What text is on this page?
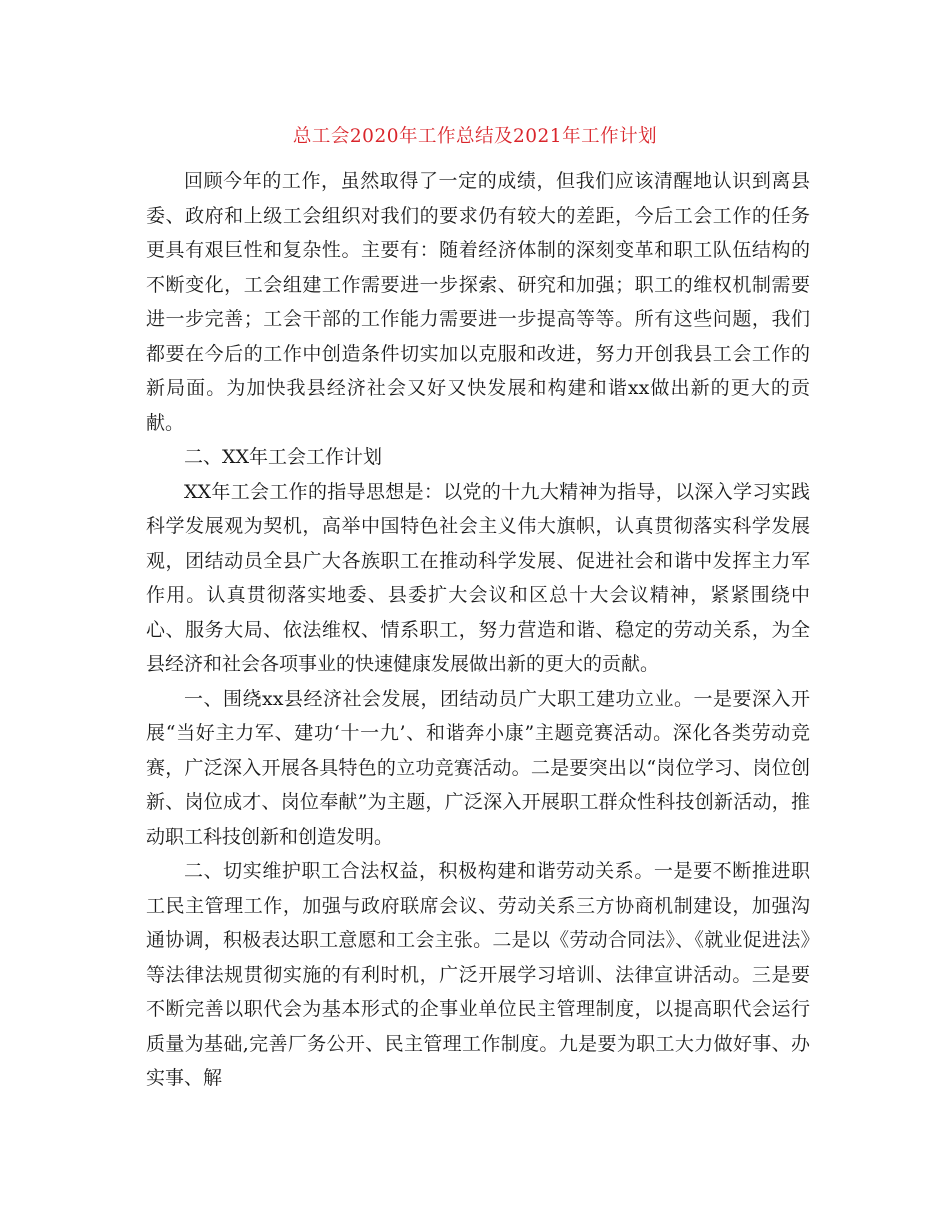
总工会2020年工作总结及2021年工作计划

回顾今年的工作，虽然取得了一定的成绩，但我们应该清醒地认识到离县委、政府和上级工会组织对我们的要求仍有较大的差距，今后工会工作的任务更具有艰巨性和复杂性。主要有：随着经济体制的深刻变革和职工队伍结构的不断变化，工会组建工作需要进一步探索、研究和加强；职工的维权机制需要进一步完善；工会干部的工作能力需要进一步提高等等。所有这些问题，我们都要在今后的工作中创造条件切实加以克服和改进，努力开创我县工会工作的新局面。为加快我县经济社会又好又快发展和构建和谐xx做出新的更大的贡献。

二、XX年工会工作计划

XX年工会工作的指导思想是：以党的十九大精神为指导，以深入学习实践科学发展观为契机，高举中国特色社会主义伟大旗帜，认真贯彻落实科学发展观，团结动员全县广大各族职工在推动科学发展、促进社会和谐中发挥主力军作用。认真贯彻落实地委、县委扩大会议和区总十大会议精神，紧紧围绕中心、服务大局、依法维权、情系职工，努力营造和谐、稳定的劳动关系，为全县经济和社会各项事业的快速健康发展做出新的更大的贡献。

一、围绕xx县经济社会发展，团结动员广大职工建功立业。一是要深入开展“当好主力军、建功‘十一九’、和谐奔小康”主题竞赛活动。深化各类劳动竞赛，广泛深入开展各具特色的立功竞赛活动。二是要突出以“岗位学习、岗位创新、岗位成才、岗位奉献”为主题，广泛深入开展职工群众性科技创新活动，推动职工科技创新和创造发明。

二、切实维护职工合法权益，积极构建和谐劳动关系。一是要不断推进职工民主管理工作，加强与政府联席会议、劳动关系三方协商机制建设，加强沟通协调，积极表达职工意愿和工会主张。二是以《劳动合同法》、《就业促进法》等法律法规贯彻实施的有利时机，广泛开展学习培训、法律宣讲活动。三是要不断完善以职代会为基本形式的企事业单位民主管理制度，以提高职代会运行质量为基础,完善厂务公开、民主管理工作制度。九是要为职工大力做好事、办实事、解
